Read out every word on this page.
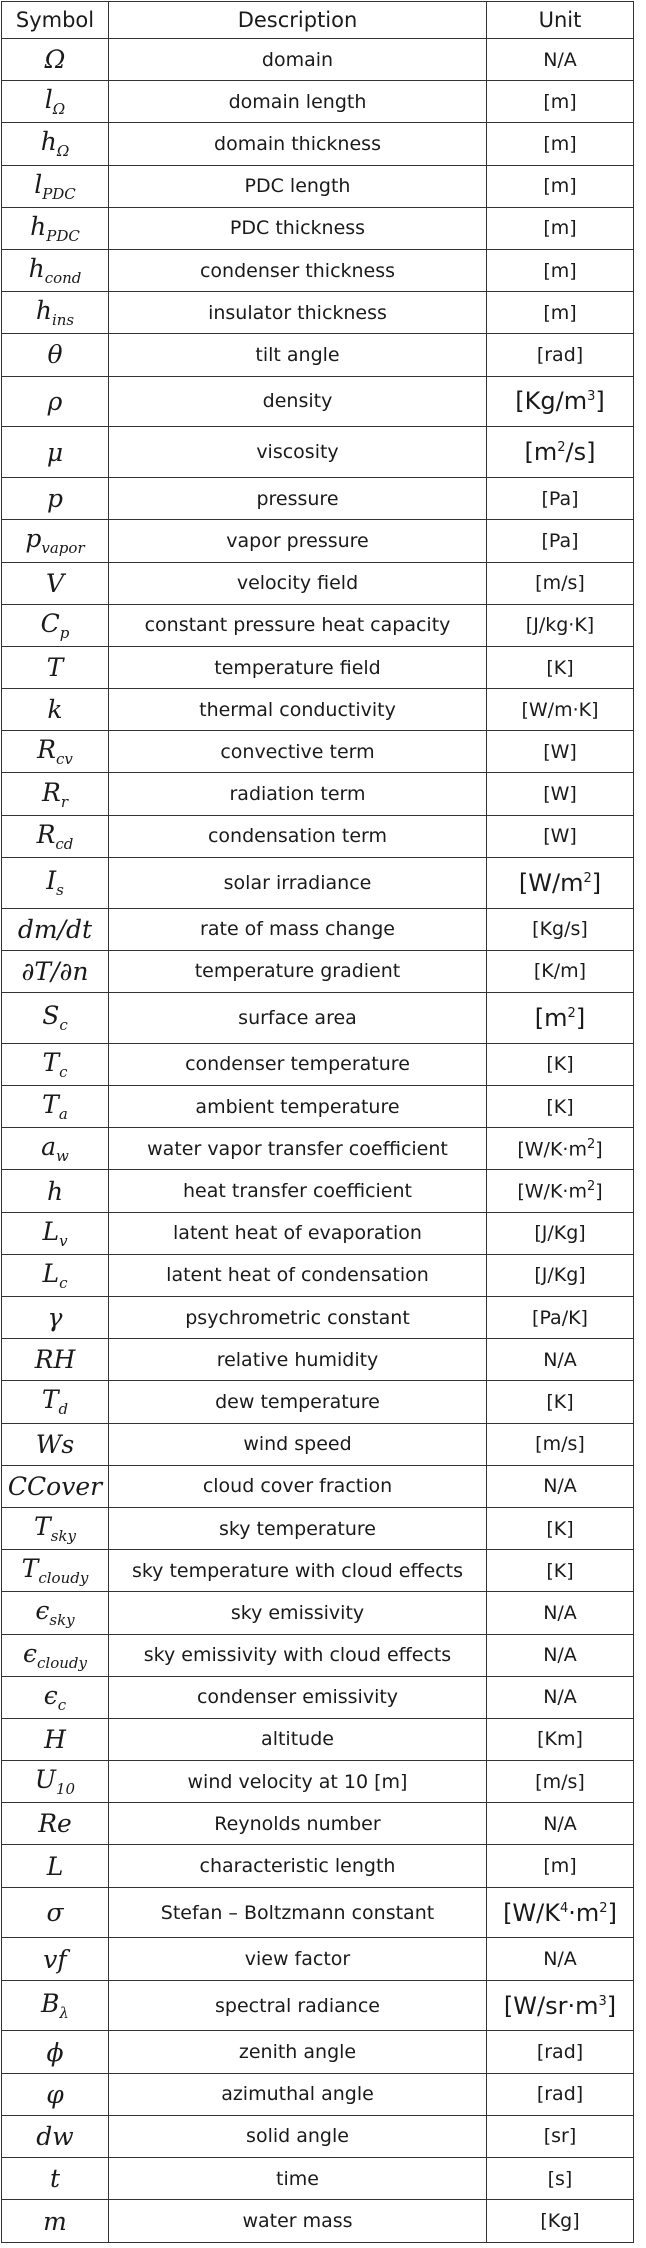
Symbol	Description	Unit
Ω	domain	N/A
$l_\Omega$	domain length	[m]
$h_\Omega$	domain thickness	[m]
$l_{PDC}$	PDC length	[m]
$h_{PDC}$	PDC thickness	[m]
$h_{cond}$	condenser thickness	[m]
$h_{ins}$	insulator thickness	[m]
θ	tilt angle	[rad]
ρ	density	$[Kg/m^3]$
μ	viscosity	$[m^2/s]$
p	pressure	[Pa]
$p_{vapor}$	vapor pressure	[Pa]
V	velocity field	[m/s]
$C_p$	constant pressure heat capacity	[J/kg·K]
T	temperature field	[K]
k	thermal conductivity	[W/m·K]
$R_{cv}$	convective term	[W]
$R_r$	radiation term	[W]
$R_{cd}$	condensation term	[W]
$I_s$	solar irradiance	$[W/m^2]$
dm/dt	rate of mass change	[Kg/s]
∂T/∂n	temperature gradient	[K/m]
$S_c$	surface area	$[m^2]$
$T_c$	condenser temperature	[K]
$T_a$	ambient temperature	[K]
$a_w$	water vapor transfer coefficient	$[W/K\cdot m^2]$
h	heat transfer coefficient	$[W/K\cdot m^2]$
$L_v$	latent heat of evaporation	[J/Kg]
$L_c$	latent heat of condensation	[J/Kg]
γ	psychrometric constant	[Pa/K]
RH	relative humidity	N/A
$T_d$	dew temperature	[K]
Ws	wind speed	[m/s]
CCover	cloud cover fraction	N/A
$T_{sky}$	sky temperature	[K]
$T_{cloudy}$	sky temperature with cloud effects	[K]
$\epsilon_{sky}$	sky emissivity	N/A
$\epsilon_{cloudy}$	sky emissivity with cloud effects	N/A
$\epsilon_c$	condenser emissivity	N/A
H	altitude	[Km]
$U_{10}$	wind velocity at 10 [m]	[m/s]
Re	Reynolds number	N/A
L	characteristic length	[m]
σ	Stefan – Boltzmann constant	$[W/K^4\cdot m^2]$
vf	view factor	N/A
$B_\lambda$	spectral radiance	$[W/sr\cdot m^3]$
ϕ	zenith angle	[rad]
φ	azimuthal angle	[rad]
dw	solid angle	[sr]
t	time	[s]
m	water mass	[Kg]
